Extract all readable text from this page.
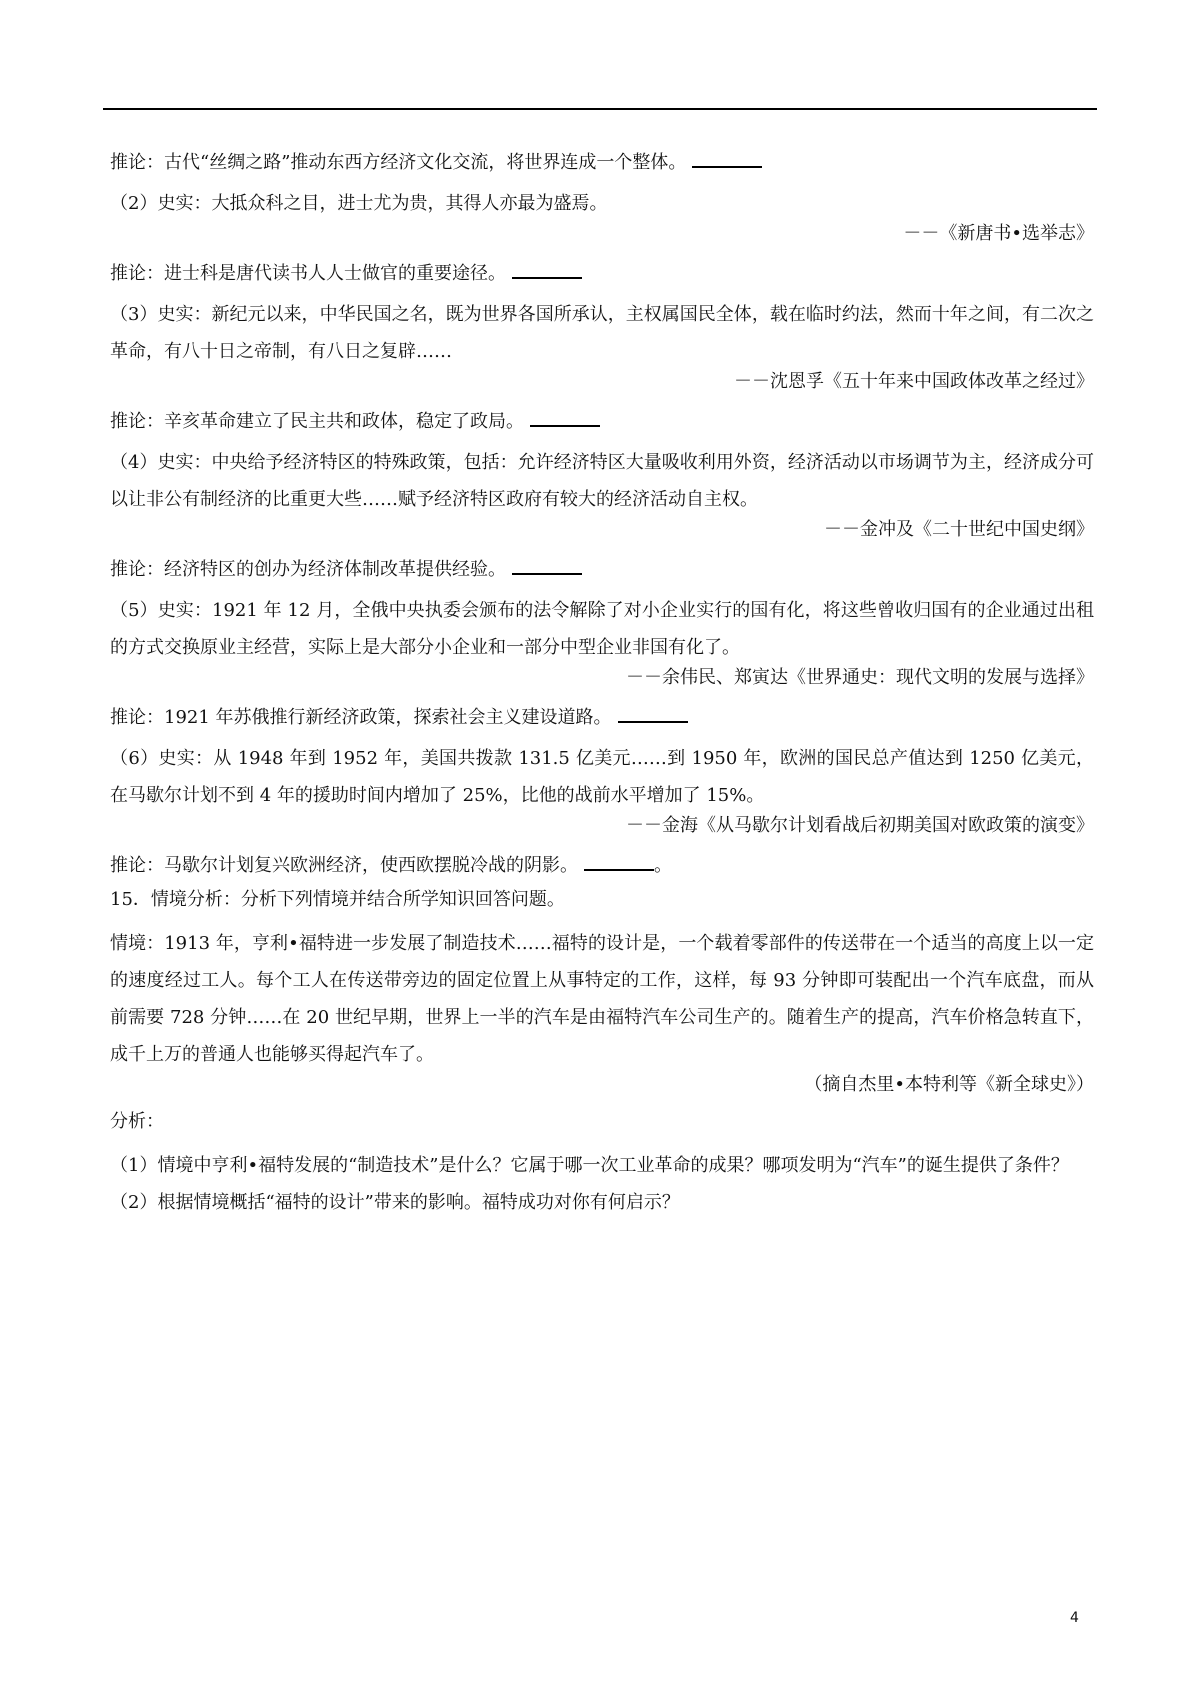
推论：古代“丝绸之路”推动东西方经济文化交流，将世界连成一个整体。

（2）史实：大抵众科之目，进士尤为贵，其得人亦最为盛焉。

－－《新唐书•选举志》
推论：进士科是唐代读书人人士做官的重要途径。

（3）史实：新纪元以来，中华民国之名，既为世界各国所承认，主权属国民全体，载在临时约法，然而十年之间，有二次之革命，有八十日之帝制，有八日之复辟……

－－沈恩孚《五十年来中国政体改革之经过》
推论：辛亥革命建立了民主共和政体，稳定了政局。

（4）史实：中央给予经济特区的特殊政策，包括：允许经济特区大量吸收利用外资，经济活动以市场调节为主，经济成分可以让非公有制经济的比重更大些……赋予经济特区政府有较大的经济活动自主权。

－－金冲及《二十世纪中国史纲》
推论：经济特区的创办为经济体制改革提供经验。

（5）史实：1921 年 12 月，全俄中央执委会颁布的法令解除了对小企业实行的国有化，将这些曾收归国有的企业通过出租的方式交换原业主经营，实际上是大部分小企业和一部分中型企业非国有化了。

－－余伟民、郑寅达《世界通史：现代文明的发展与选择》
推论：1921 年苏俄推行新经济政策，探索社会主义建设道路。

（6）史实：从 1948 年到 1952 年，美国共拨款 131.5 亿美元……到 1950 年，欧洲的国民总产值达到 1250 亿美元，在马歇尔计划不到 4 年的援助时间内增加了 25%，比他的战前水平增加了 15%。

－－金海《从马歇尔计划看战后初期美国对欧政策的演变》
推论：马歇尔计划复兴欧洲经济，使西欧摆脱冷战的阴影。	。
15．情境分析：分析下列情境并结合所学知识回答问题。

情境：1913 年，亨利•福特进一步发展了制造技术……福特的设计是，一个载着零部件的传送带在一个适当的高度上以一定的速度经过工人。每个工人在传送带旁边的固定位置上从事特定的工作，这样，每 93 分钟即可装配出一个汽车底盘，而从前需要 728 分钟……在 20 世纪早期，世界上一半的汽车是由福特汽车公司生产的。随着生产的提高，汽车价格急转直下，成千上万的普通人也能够买得起汽车了。

（摘自杰里•本特利等《新全球史》）
分析：

（1）情境中亨利•福特发展的“制造技术”是什么？它属于哪一次工业革命的成果？哪项发明为“汽车”的诞生提供了条件？

（2）根据情境概括“福特的设计”带来的影响。福特成功对你有何启示？

4
